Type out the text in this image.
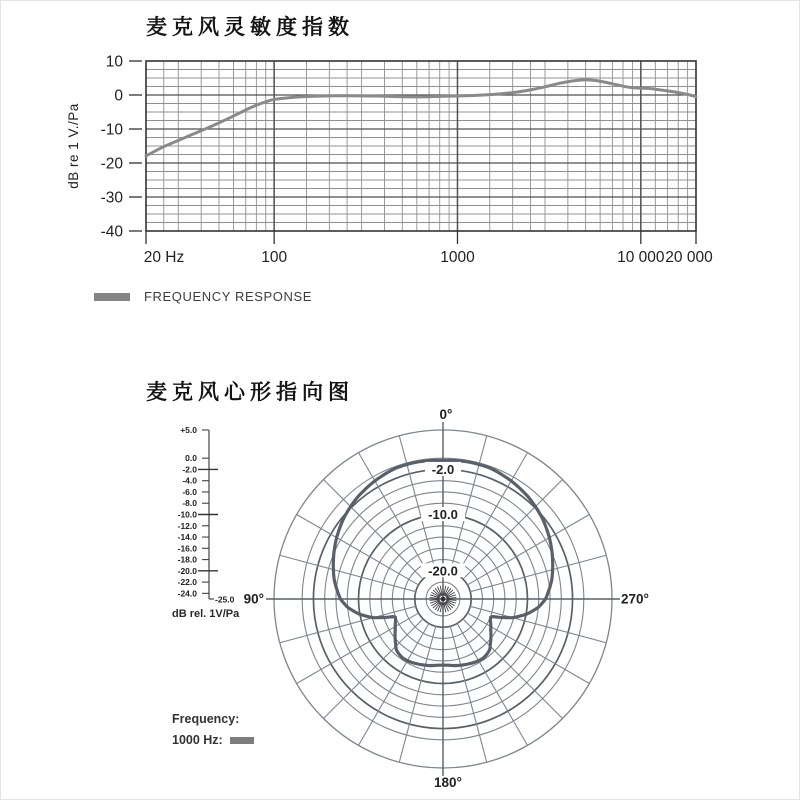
10
0
-10
-20
-30
-40
20 Hz	100	1000	10 000 20 000
dB re 1 V./Pa
-2.0
-10.0
-20.0
0°
90°
180°
270°
+5.0
0.0
-2.0
-4.0
-6.0
-8.0
-10.0
-12.0
-14.0
-16.0
-18.0
-20.0
-22.0
-24.0
-25.0
麦克风灵敏度指数
FREQUENCY RESPONSE
麦克风心形指向图
dB rel. 1V/Pa
Frequency:
1000 Hz:
